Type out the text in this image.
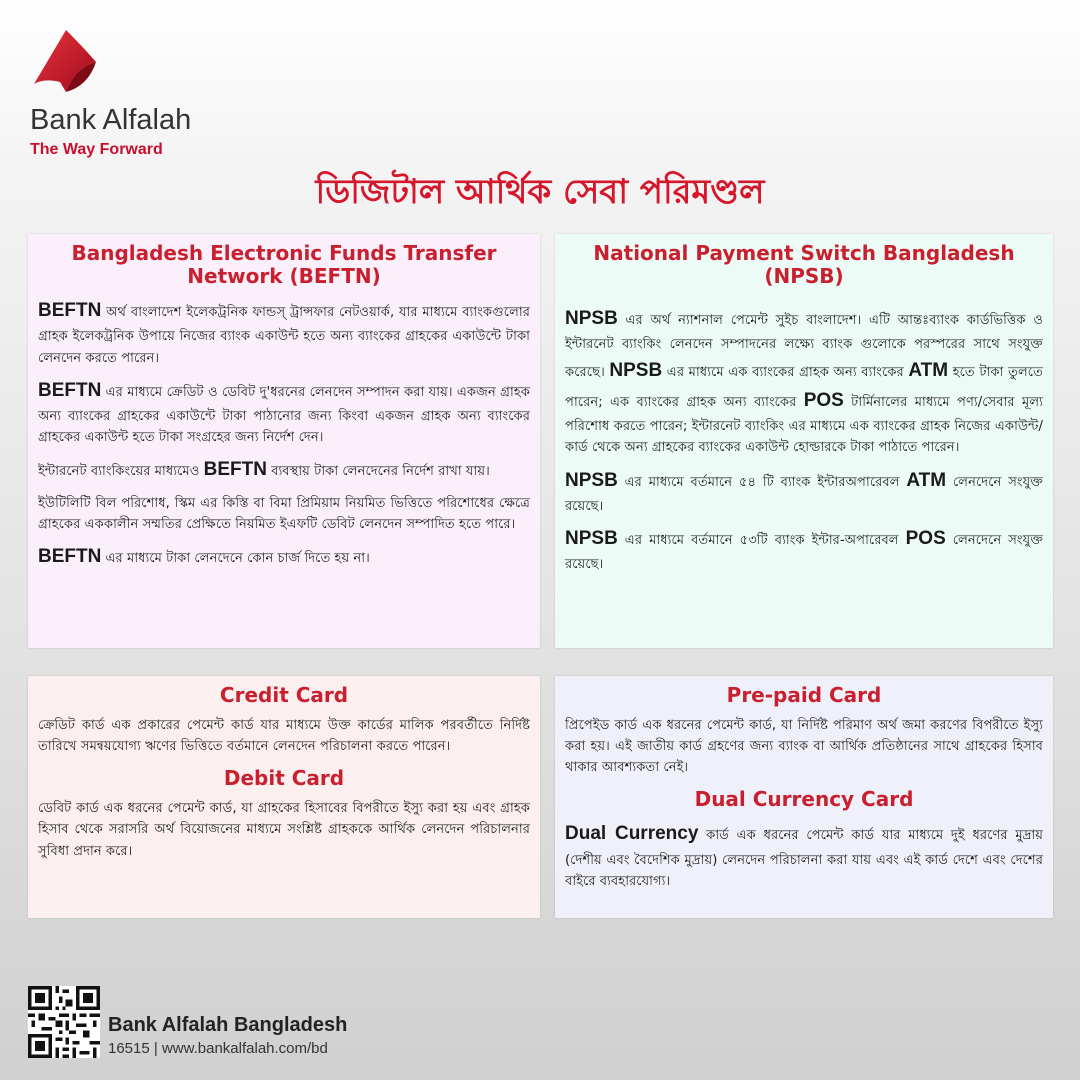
Bank Alfalah
The Way Forward
ডিজিটাল আর্থিক সেবা পরিমণ্ডল
Bangladesh Electronic Funds Transfer Network (BEFTN)

BEFTN অর্থ বাংলাদেশ ইলেকট্রনিক ফান্ডস্ ট্রান্সফার নেটওয়ার্ক, যার মাধ্যমে ব্যাংকগুলোর গ্রাহক ইলেকট্রনিক উপায়ে নিজের ব্যাংক একাউন্ট হতে অন্য ব্যাংকের গ্রাহকের একাউন্টে টাকা লেনদেন করতে পারেন।

BEFTN এর মাধ্যমে ক্রেডিট ও ডেবিট দু'ধরনের লেনদেন সম্পাদন করা যায়। একজন গ্রাহক অন্য ব্যাংকের গ্রাহকের একাউন্টে টাকা পাঠানোর জন্য কিংবা একজন গ্রাহক অন্য ব্যাংকের গ্রাহকের একাউন্ট হতে টাকা সংগ্রহের জন্য নির্দেশ দেন।

ইন্টারনেট ব্যাংকিংয়ের মাধ্যমেও BEFTN ব্যবস্থায় টাকা লেনদেনের নির্দেশ রাখা যায়।

ইউটিলিটি বিল পরিশোধ, স্কিম এর কিস্তি বা বিমা প্রিমিয়াম নিয়মিত ভিত্তিতে পরিশোধের ক্ষেত্রে গ্রাহকের এককালীন সম্মতির প্রেক্ষিতে নিয়মিত ইএফটি ডেবিট লেনদেন সম্পাদিত হতে পারে।

BEFTN এর মাধ্যমে টাকা লেনদেনে কোন চার্জ দিতে হয় না।

National Payment Switch Bangladesh (NPSB)

NPSB এর অর্থ ন্যাশনাল পেমেন্ট সুইচ বাংলাদেশ। এটি আন্তঃব্যাংক কার্ডভিত্তিক ও ইন্টারনেট ব্যাংকিং লেনদেন সম্পাদনের লক্ষ্যে ব্যাংক গুলোকে পরস্পরের সাথে সংযুক্ত করেছে। NPSB এর মাধ্যমে এক ব্যাংকের গ্রাহক অন্য ব্যাংকের ATM হতে টাকা তুলতে পারেন; এক ব্যাংকের গ্রাহক অন্য ব্যাংকের POS টার্মিনালের মাধ্যমে পণ্য/সেবার মূল্য পরিশোধ করতে পারেন; ইন্টারনেট ব্যাংকিং এর মাধ্যমে এক ব্যাংকের গ্রাহক নিজের একাউন্ট/কার্ড থেকে অন্য গ্রাহকের ব্যাংকের একাউন্ট হোল্ডারকে টাকা পাঠাতে পারেন।

NPSB এর মাধ্যমে বর্তমানে ৫৪ টি ব্যাংক ইন্টারঅপারেবল ATM লেনদেনে সংযুক্ত রয়েছে।

NPSB এর মাধ্যমে বর্তমানে ৫৩টি ব্যাংক ইন্টার-অপারেবল POS লেনদেনে সংযুক্ত রয়েছে।

Credit Card

ক্রেডিট কার্ড এক প্রকারের পেমেন্ট কার্ড যার মাধ্যমে উক্ত কার্ডের মালিক পরবর্তীতে নির্দিষ্ট তারিখে সমন্বয়যোগ্য ঋণের ভিত্তিতে বর্তমানে লেনদেন পরিচালনা করতে পারেন।

Debit Card

ডেবিট কার্ড এক ধরনের পেমেন্ট কার্ড, যা গ্রাহকের হিসাবের বিপরীতে ইস্যু করা হয় এবং গ্রাহক হিসাব থেকে সরাসরি অর্থ বিয়োজনের মাধ্যমে সংশ্লিষ্ট গ্রাহককে আর্থিক লেনদেন পরিচালনার সুবিধা প্রদান করে।

Pre-paid Card

প্রিপেইড কার্ড এক ধরনের পেমেন্ট কার্ড, যা নির্দিষ্ট পরিমাণ অর্থ জমা করণের বিপরীতে ইস্যু করা হয়। এই জাতীয় কার্ড গ্রহণের জন্য ব্যাংক বা আর্থিক প্রতিষ্ঠানের সাথে গ্রাহকের হিসাব থাকার আবশ্যকতা নেই।

Dual Currency Card

Dual Currency কার্ড এক ধরনের পেমেন্ট কার্ড যার মাধ্যমে দুই ধরণের মুদ্রায় (দেশীয় এবং বৈদেশিক মুদ্রায়) লেনদেন পরিচালনা করা যায় এবং এই কার্ড দেশে এবং দেশের বাইরে ব্যবহারযোগ্য।

Bank Alfalah Bangladesh
16515 | www.bankalfalah.com/bd
